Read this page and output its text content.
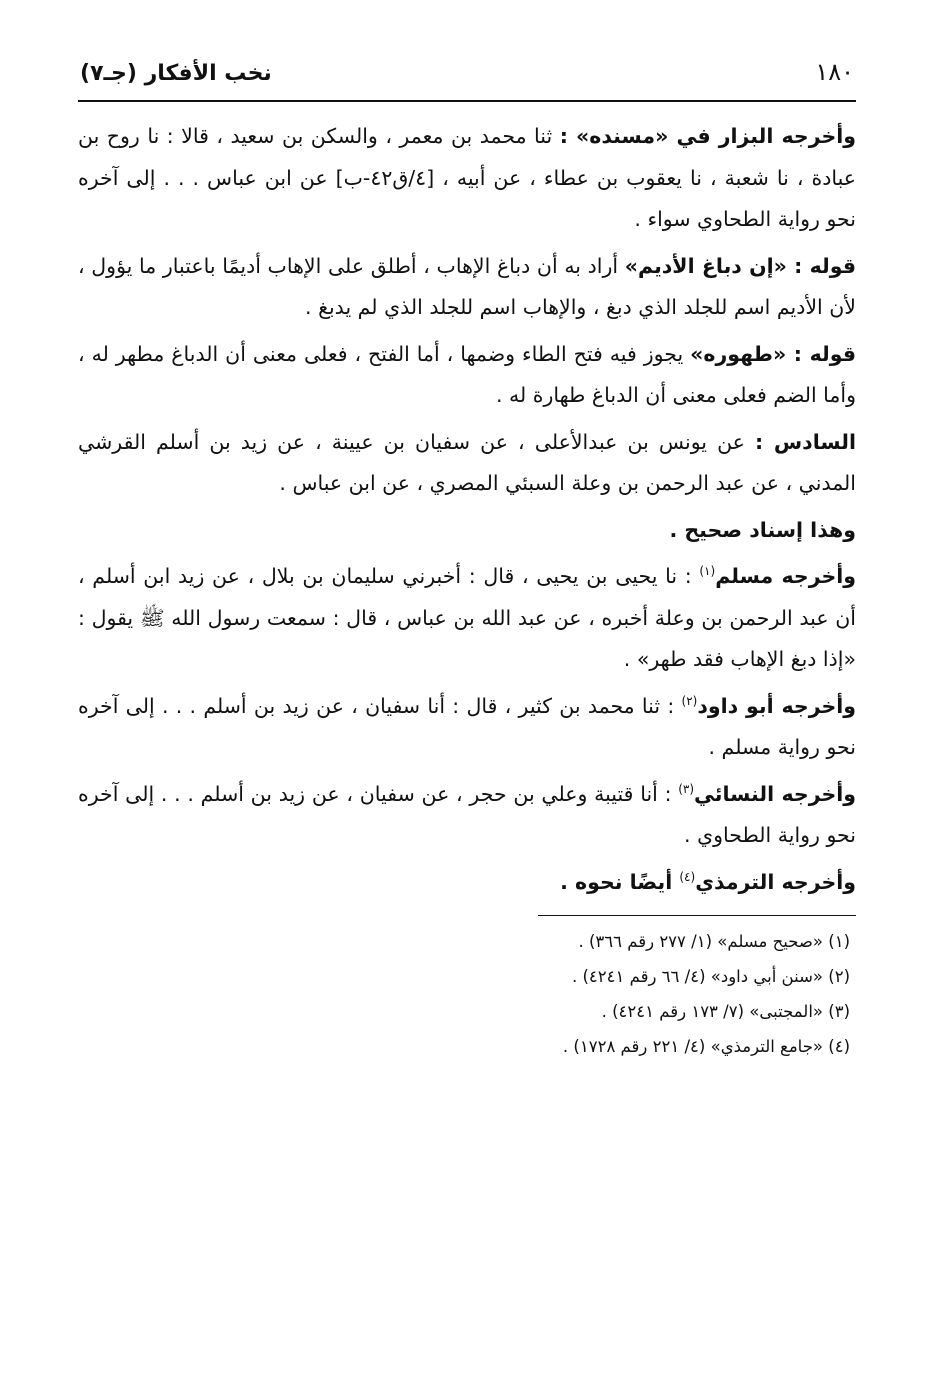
١٨٠
نخب الأفكار (جـ٧)

وأخرجه البزار في «مسنده» : ثنا محمد بن معمر ، والسكن بن سعيد ، قالا : نا روح بن عبادة ، نا شعبة ، نا يعقوب بن عطاء ، عن أبيه ، [٤/ق٤٢-ب] عن ابن عباس . . . إلى آخره نحو رواية الطحاوي سواء .

قوله : «إن دباغ الأديم» أراد به أن دباغ الإهاب ، أطلق على الإهاب أديمًا باعتبار ما يؤول ، لأن الأديم اسم للجلد الذي دبغ ، والإهاب اسم للجلد الذي لم يدبغ .

قوله : «طهوره» يجوز فيه فتح الطاء وضمها ، أما الفتح ، فعلى معنى أن الدباغ مطهر له ، وأما الضم فعلى معنى أن الدباغ طهارة له .

السادس : عن يونس بن عبدالأعلى ، عن سفيان بن عيينة ، عن زيد بن أسلم القرشي المدني ، عن عبد الرحمن بن وعلة السبئي المصري ، عن ابن عباس .

وهذا إسناد صحيح .

وأخرجه مسلم$^{(١)}$ : نا يحيى بن يحيى ، قال : أخبرني سليمان بن بلال ، عن زيد ابن أسلم ، أن عبد الرحمن بن وعلة أخبره ، عن عبد الله بن عباس ، قال : سمعت رسول الله ﷺ يقول : «إذا دبغ الإهاب فقد طهر» .

وأخرجه أبو داود$^{(٢)}$ : ثنا محمد بن كثير ، قال : أنا سفيان ، عن زيد بن أسلم . . . إلى آخره نحو رواية مسلم .

وأخرجه النسائي$^{(٣)}$ : أنا قتيبة وعلي بن حجر ، عن سفيان ، عن زيد بن أسلم . . . إلى آخره نحو رواية الطحاوي .

وأخرجه الترمذي$^{(٤)}$ أيضًا نحوه .

(١) «صحيح مسلم» (١/ ٢٧٧ رقم ٣٦٦) .
(٢) «سنن أبي داود» (٤/ ٦٦ رقم ٤٢٤١) .
(٣) «المجتبى» (٧/ ١٧٣ رقم ٤٢٤١) .
(٤) «جامع الترمذي» (٤/ ٢٢١ رقم ١٧٢٨) .
